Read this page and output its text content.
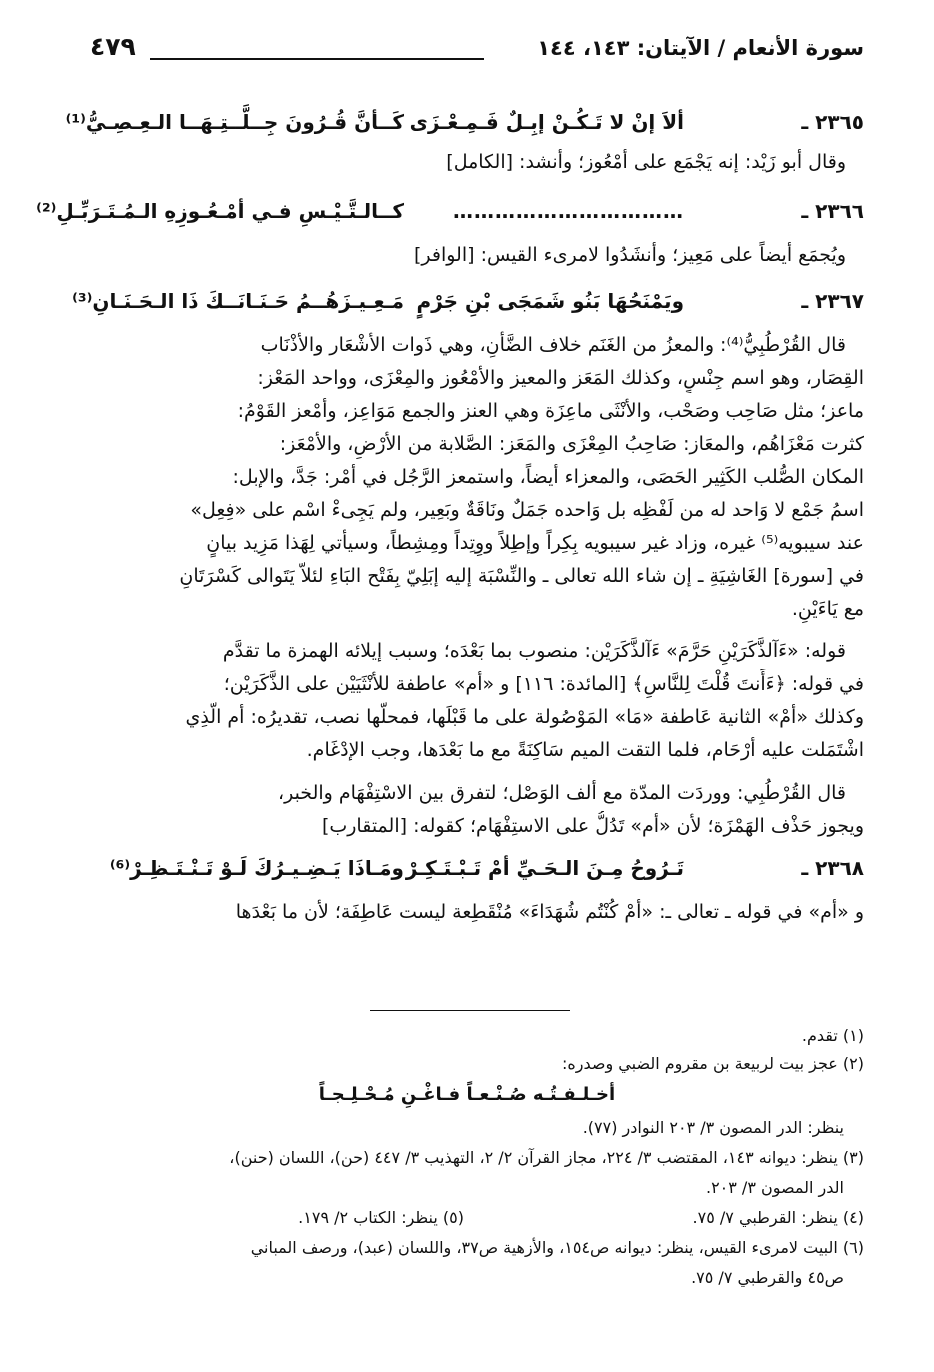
سورة الأنعام / الآيتان: ١٤٣، ١٤٤
٤٧٩
٢٣٦٥ ـ
ألاَ إنْ لا تَـكُـنْ إبِـلٌ فَـمِـعْـزَى
كَــأنَّ قُـرُونَ جِــلَّــتِـهَــا الـعِـصِـيُّ⁽¹⁾
وقال أبو زَيْد: إنه يَجْمَع على أمْعُوز؛ وأنشد: [الكامل]
٢٣٦٦ ـ
……………………………
كــالـتَّـيْـسِ فـي أمْـعُـوزِهِ الـمُـتَـرَبِّـلِ⁽²⁾
ويُجمَع أيضاً على مَعِيز؛ وأنشَدُوا لامرىء القيس: [الوافر]
٢٣٦٧ ـ
ويَمْنَحُهَا بَنُو شَمَجَى بْنِ جَرْمٍ
مَـعِـيـزَهُــمُ حَـنَـانَــكَ ذَا الـحَـنَـانِ⁽³⁾
قال القُرْطُبِيُّ⁽⁴⁾: والمعزُ من الغَنَم خلاف الضَّأنِ، وهي ذَوات الأشْعَار والأذْنَاب
القِصَار، وهو اسم جِنْسٍ، وكذلك المَعَز والمعيز والأمْعُوز والمِعْزَى، وواحد المَعْز:
ماعز؛ مثل صَاحِب وصَحْب، والأنْثَى ماعِزَة وهي العنز والجمع مَوَاعِز، وأمْعز القَوْمُ:
كثرت مَعْزَاهُم، والمعَاز: صَاحِبُ المِعْزَى والمَعَز: الصَّلابة من الأرْضِ، والأمْعَز:
المكان الصُّلب الكَثِير الحَصَى، والمعزاء أيضاً، واستمعز الرَّجُل في أمْر: جَدَّ، والإبل:
اسمُ جَمْع لا وَاحد له من لَفْظِه بل وَاحده جَمَلٌ ونَاقَةٌ وبَعِير، ولم يَجِىءْ اسْم على «فِعِل»
عند سيبويه⁽⁵⁾ غيره، وزاد غير سيبويه بِكِراً وإطِلاً ووِتِداً ومِشِطاً، وسيأتي لِهَذا مَزِيد بيانٍ
في [سورة] الغَاشِيَةِ ـ إن شاء الله تعالى ـ والنِّسْبَة إليه إبَلِيّ بِفَتْح البَاءِ لئلاّ يَتَوالى كَسْرَتَانِ
مع يَاءَيْنِ.
قوله: «ءَآلذَّكَرَيْنِ حَرَّمَ» ءَآلذَّكَرَيْن: منصوب بما بَعْدَه؛ وسبب إيلائه الهمزة ما تقدَّم
في قوله: ﴿ءَأَنتَ قُلْتَ لِلنَّاسِ﴾ [المائدة: ١١٦] و «أم» عاطفة للأنْثَيَيْن على الذَّكَرَيْن؛
وكذلك «أمْ» الثانية عَاطفة «مَا» المَوْصُولة على ما قَبْلَها، فمحلُّها نصب، تقديرُه: أم الَّذِي
اشْتَمَلت عليه أرْحَام، فلما التقت الميم سَاكِنَةً مع ما بَعْدَها، وجب الإدْغَام.
قال القُرْطُبِي: ووردَت المدّة مع ألف الوَصْل؛ لتفرق بين الاسْتِفْهَام والخبر،
ويجوز حَذْف الهَمْزَة؛ لأن «أم» تَدُلُّ على الاستِفْهَام؛ كقوله: [المتقارب]
٢٣٦٨ ـ
تَـرُوحُ مِـنَ الـحَـيِّ أمْ تَـبْـتَـكِـرْ
ومَـاذَا يَـضِـيـرُكَ لَـوْ تَـنْـتَـظِـرْ⁽⁶⁾
و «أم» في قوله ـ تعالى ـ: «أمْ كُنْتُم شُهَدَاءَ» مُنْقَطِعة ليست عَاطِفَة؛ لأن ما بَعْدَها
(١) تقدم.
(٢) عجز بيت لربيعة بن مقروم الضبي وصدره:
أخـلـفـتُـه صُـنْـعـاً فـاغْـنِ مُـحْـلِـجـاً
ينظر: الدر المصون ٣/ ٢٠٣ النوادر (٧٧).
(٣) ينظر: ديوانه ١٤٣، المقتضب ٣/ ٢٢٤، مجاز القرآن ٢/ ٢، التهذيب ٣/ ٤٤٧ (حن)، اللسان (حنن)،
الدر المصون ٣/ ٢٠٣.
(٤) ينظر: القرطبي ٧/ ٧٥.
(٥) ينظر: الكتاب ٢/ ١٧٩.
(٦) البيت لامرىء القيس، ينظر: ديوانه ص١٥٤، والأزهية ص٣٧، واللسان (عبد)، ورصف المباني
ص٤٥ والقرطبي ٧/ ٧٥.
